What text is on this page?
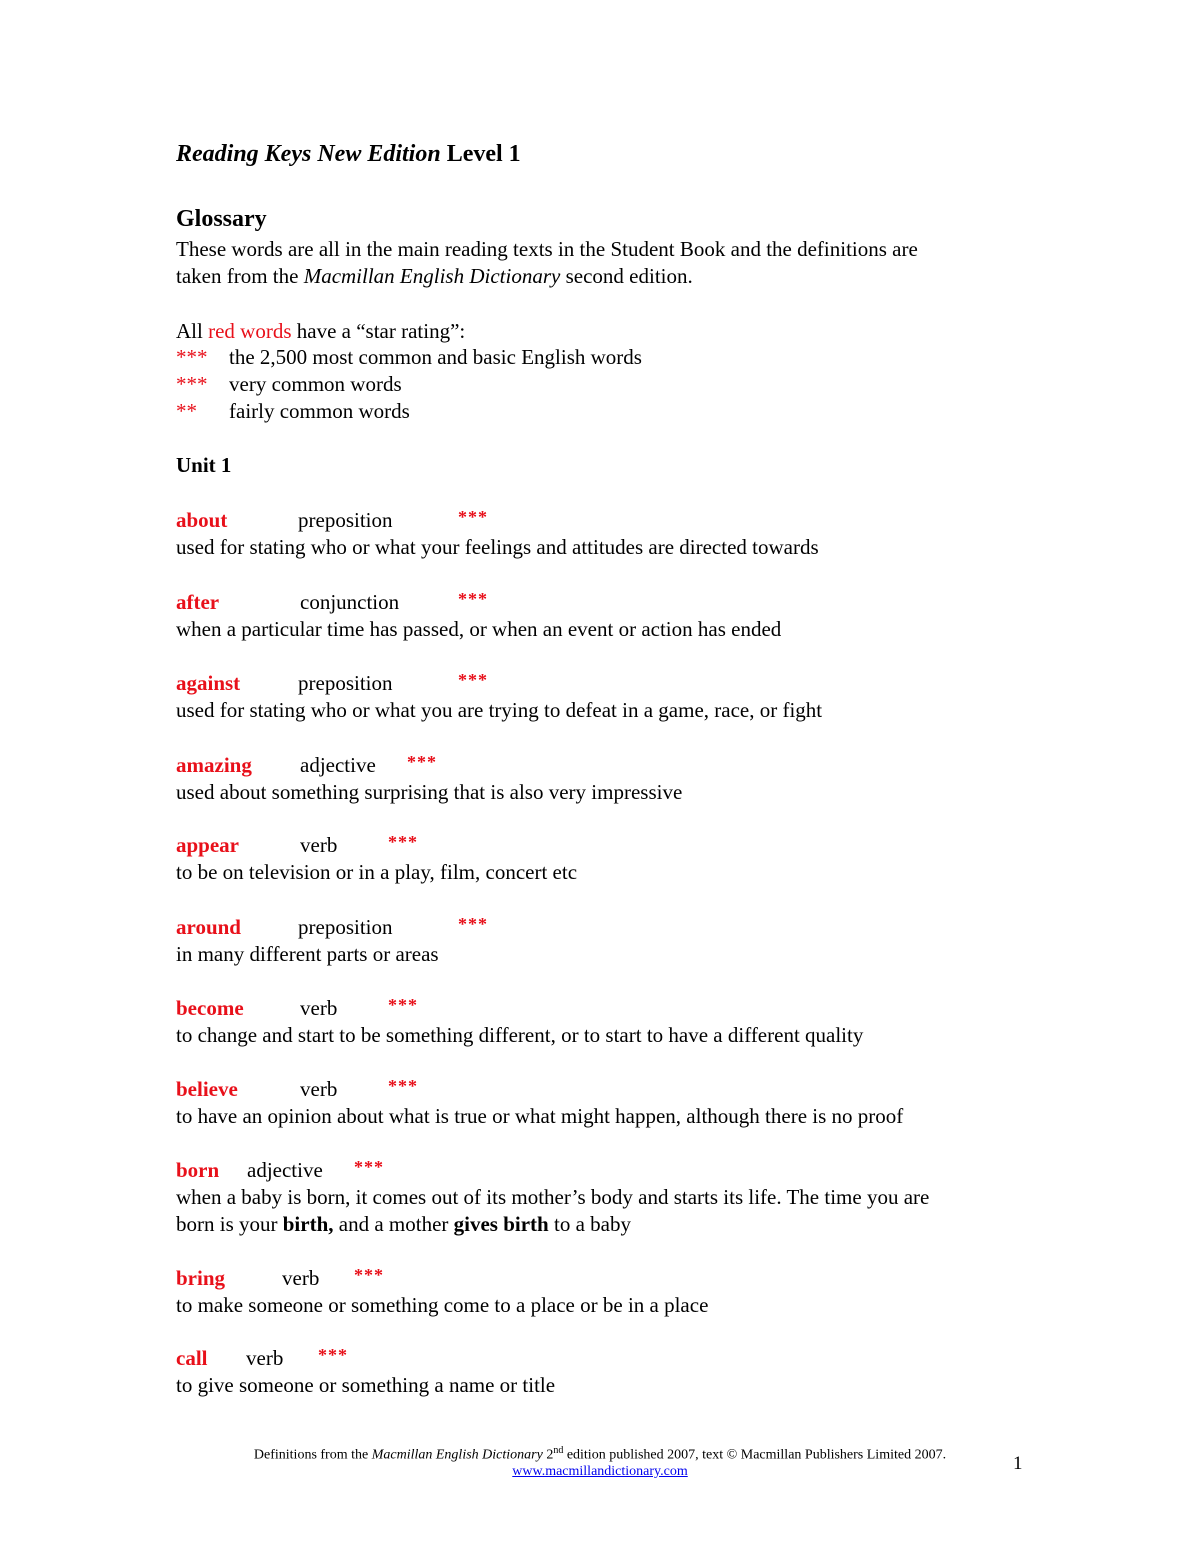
Reading Keys New Edition Level 1
Glossary
These words are all in the main reading texts in the Student Book and the definitions are
taken from the Macmillan English Dictionary second edition.
All red words have a “star rating”:
*** the 2,500 most common and basic English words
*** very common words
** fairly common words
Unit 1
about	preposition	***
used for stating who or what your feelings and attitudes are directed towards
after	conjunction	***
when a particular time has passed, or when an event or action has ended
against	preposition	***
used for stating who or what you are trying to defeat in a game, race, or fight
amazing adjective ***
used about something surprising that is also very impressive
appear	verb	***
to be on television or in a play, film, concert etc
around	preposition	***
in many different parts or areas
become	verb	***
to change and start to be something different, or to start to have a different quality
believe	verb	***
to have an opinion about what is true or what might happen, although there is no proof
born adjective ***
when a baby is born, it comes out of its mother’s body and starts its life. The time you are
born is your birth, and a mother gives birth to a baby
bring	verb ***
to make someone or something come to a place or be in a place
call verb ***
to give someone or something a name or title
Definitions from the Macmillan English Dictionary 2nd edition published 2007, text © Macmillan Publishers Limited 2007.
www.macmillandictionary.com	1
